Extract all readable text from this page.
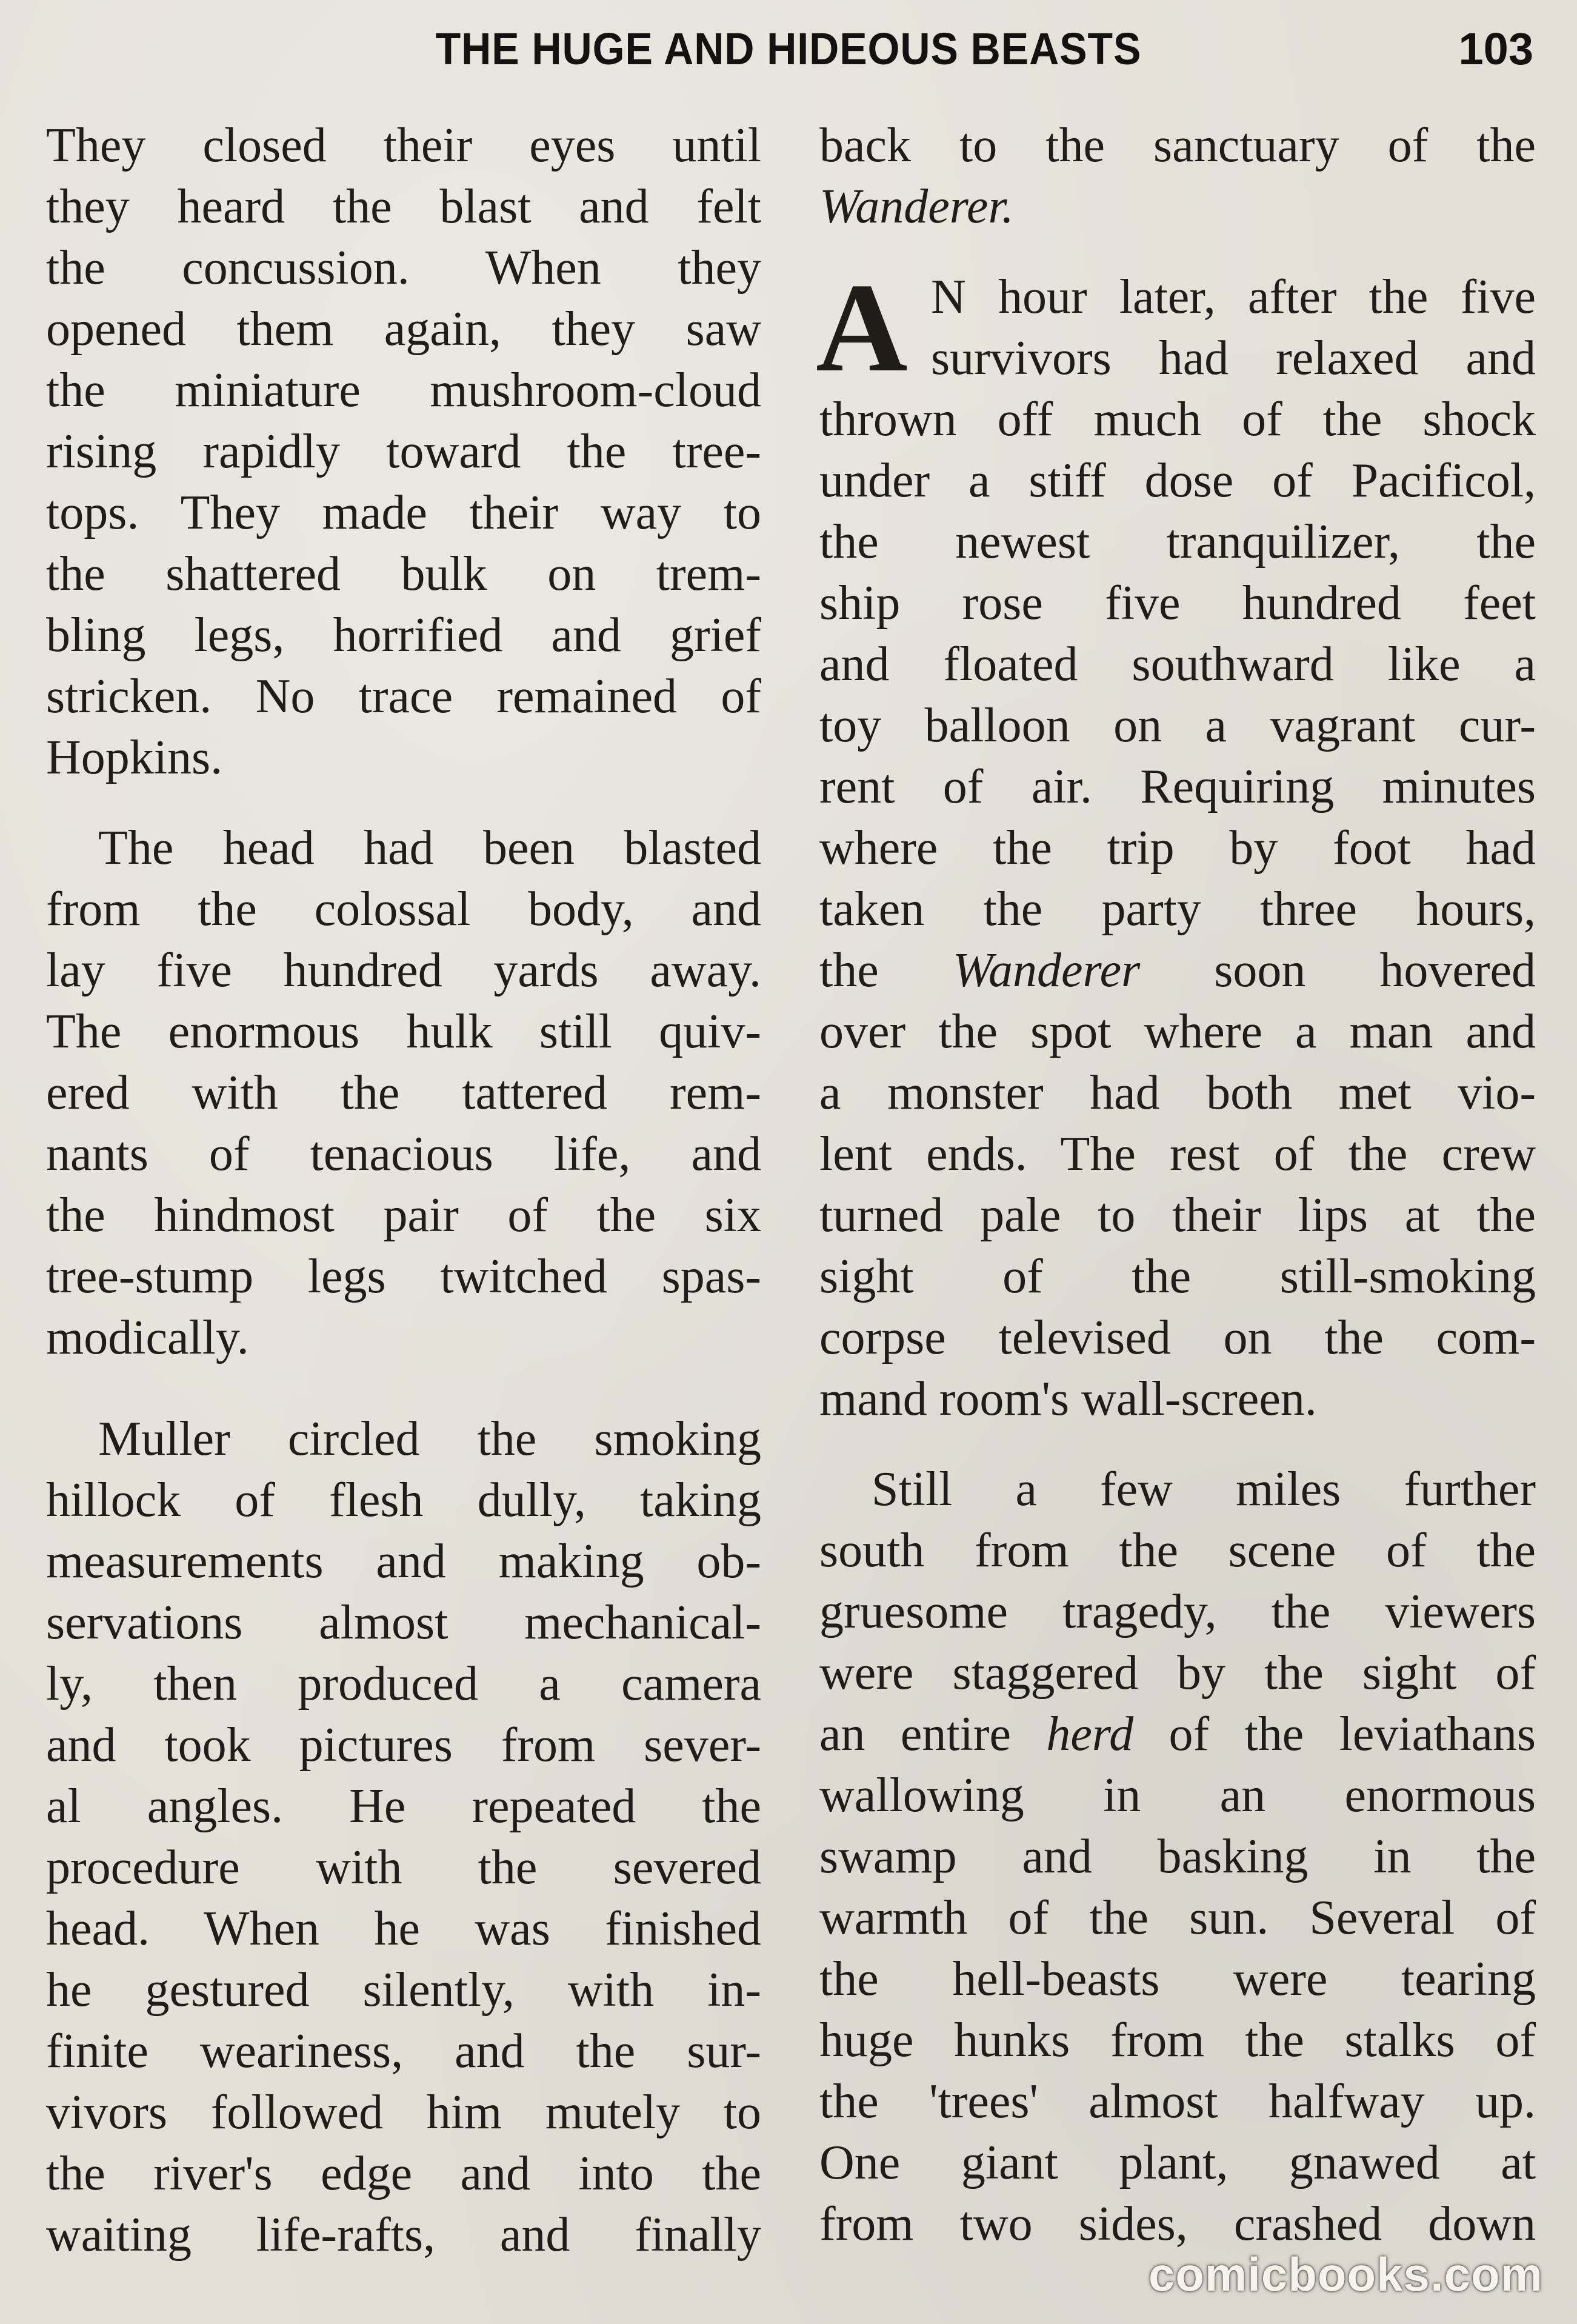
THE HUGE AND HIDEOUS BEASTS	103
They closed their eyes until
they heard the blast and felt
the concussion. When they
opened them again, they saw
the miniature mushroom-cloud
rising rapidly toward the tree-
tops. They made their way to
the shattered bulk on trem-
bling legs, horrified and grief
stricken. No trace remained of
Hopkins.
The head had been blasted
from the colossal body, and
lay five hundred yards away.
The enormous hulk still quiv-
ered with the tattered rem-
nants of tenacious life, and
the hindmost pair of the six
tree-stump legs twitched spas-
modically.
Muller circled the smoking
hillock of flesh dully, taking
measurements and making ob-
servations almost mechanical-
ly, then produced a camera
and took pictures from sever-
al angles. He repeated the
procedure with the severed
head. When he was finished
he gestured silently, with in-
finite weariness, and the sur-
vivors followed him mutely to
the river's edge and into the
waiting life-rafts, and finally
back to the sanctuary of the
Wanderer.
A N hour later, after the five
survivors had relaxed and
thrown off much of the shock
under a stiff dose of Pacificol,
the newest tranquilizer, the
ship rose five hundred feet
and floated southward like a
toy balloon on a vagrant cur-
rent of air. Requiring minutes
where the trip by foot had
taken the party three hours,
the Wanderer soon hovered
over the spot where a man and
a monster had both met vio-
lent ends. The rest of the crew
turned pale to their lips at the
sight of the still-smoking
corpse televised on the com-
mand room's wall-screen.
Still a few miles further
south from the scene of the
gruesome tragedy, the viewers
were staggered by the sight of
an entire herd of the leviathans
wallowing in an enormous
swamp and basking in the
warmth of the sun. Several of
the hell-beasts were tearing
huge hunks from the stalks of
the 'trees' almost halfway up.
One giant plant, gnawed at
from two sides, crashed down
comicbooks.com
